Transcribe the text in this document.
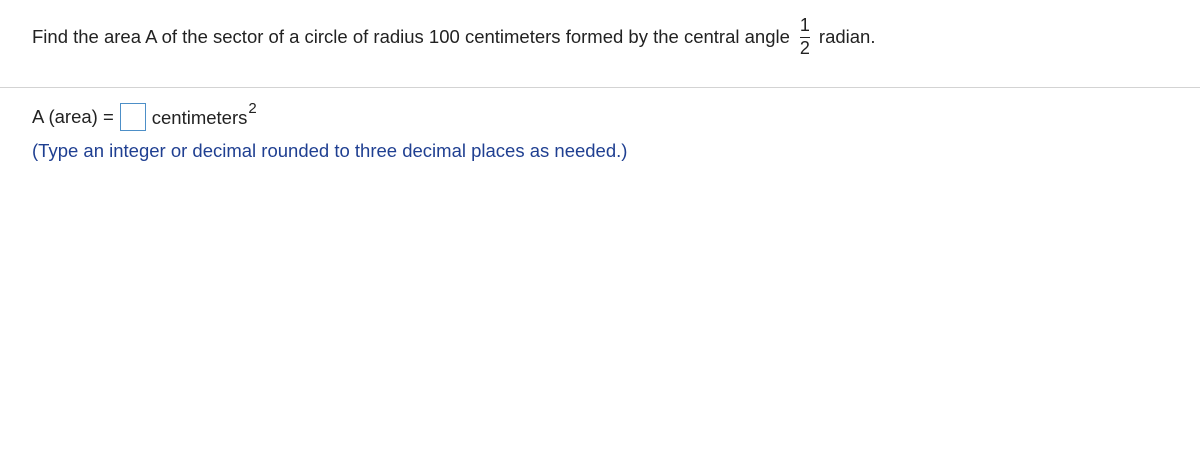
Find the area A of the sector of a circle of radius 100 centimeters formed by the central angle $\frac{1}{2}$ radian.
A (area) = centimeters$^2$
(Type an integer or decimal rounded to three decimal places as needed.)
